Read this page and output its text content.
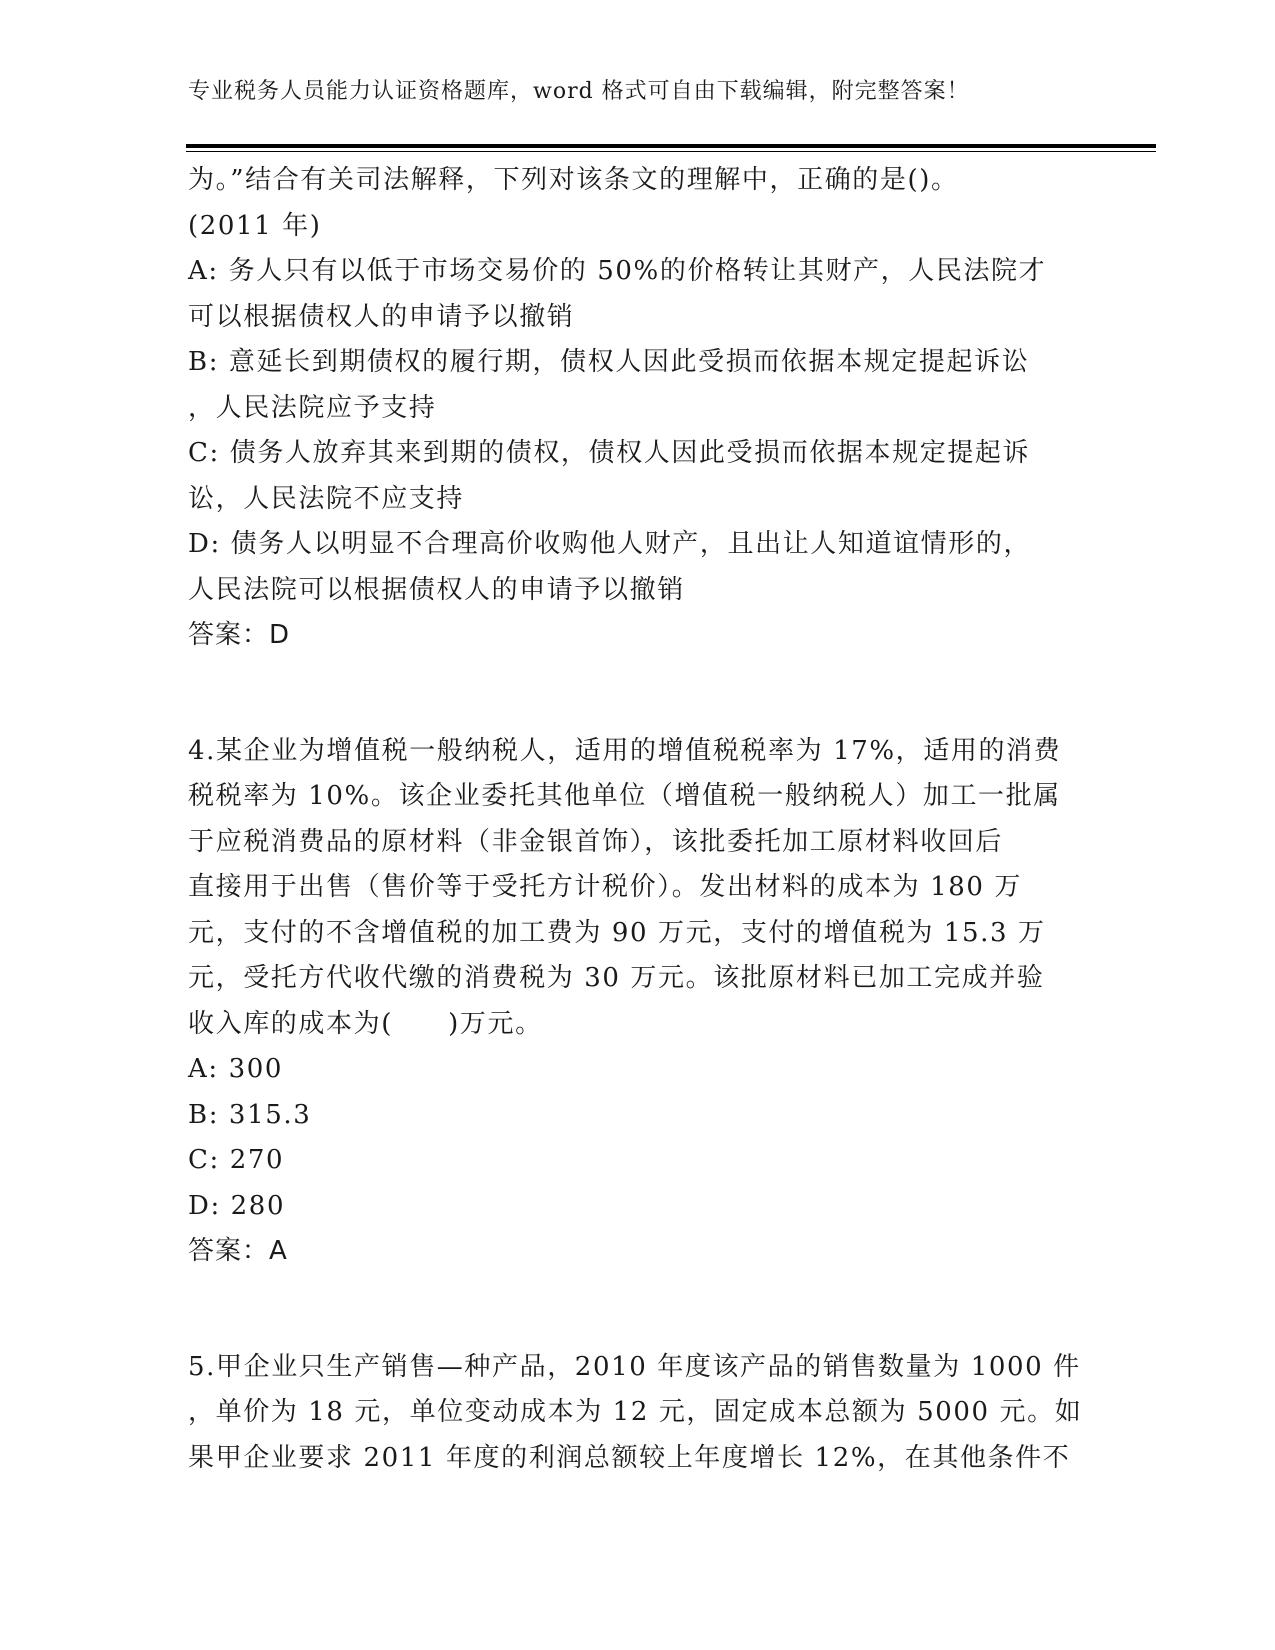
专业税务人员能力认证资格题库，word 格式可自由下载编辑，附完整答案！
为。”结合有关司法解释，下列对该条文的理解中，正确的是()。
(2011 年)
A: 务人只有以低于市场交易价的 50%的价格转让其财产，人民法院才
可以根据债权人的申请予以撤销
B: 意延长到期债权的履行期，债权人因此受损而依据本规定提起诉讼
，人民法院应予支持
C: 债务人放弃其来到期的债权，债权人因此受损而依据本规定提起诉
讼，人民法院不应支持
D: 债务人以明显不合理高价收购他人财产，且出让人知道谊情形的，
人民法院可以根据债权人的申请予以撤销
答案：D
4.某企业为增值税一般纳税人，适用的增值税税率为 17%，适用的消费
税税率为 10%。该企业委托其他单位（增值税一般纳税人）加工一批属
于应税消费品的原材料（非金银首饰），该批委托加工原材料收回后
直接用于出售（售价等于受托方计税价）。发出材料的成本为 180 万
元，支付的不含增值税的加工费为 90 万元，支付的增值税为 15.3 万
元，受托方代收代缴的消费税为 30 万元。该批原材料已加工完成并验
收入库的成本为(　　)万元。
A: 300
B: 315.3
C: 270
D: 280
答案：A
5.甲企业只生产销售—种产品，2010 年度该产品的销售数量为 1000 件
，单价为 18 元，单位变动成本为 12 元，固定成本总额为 5000 元。如
果甲企业要求 2011 年度的利润总额较上年度增长 12%，在其他条件不
